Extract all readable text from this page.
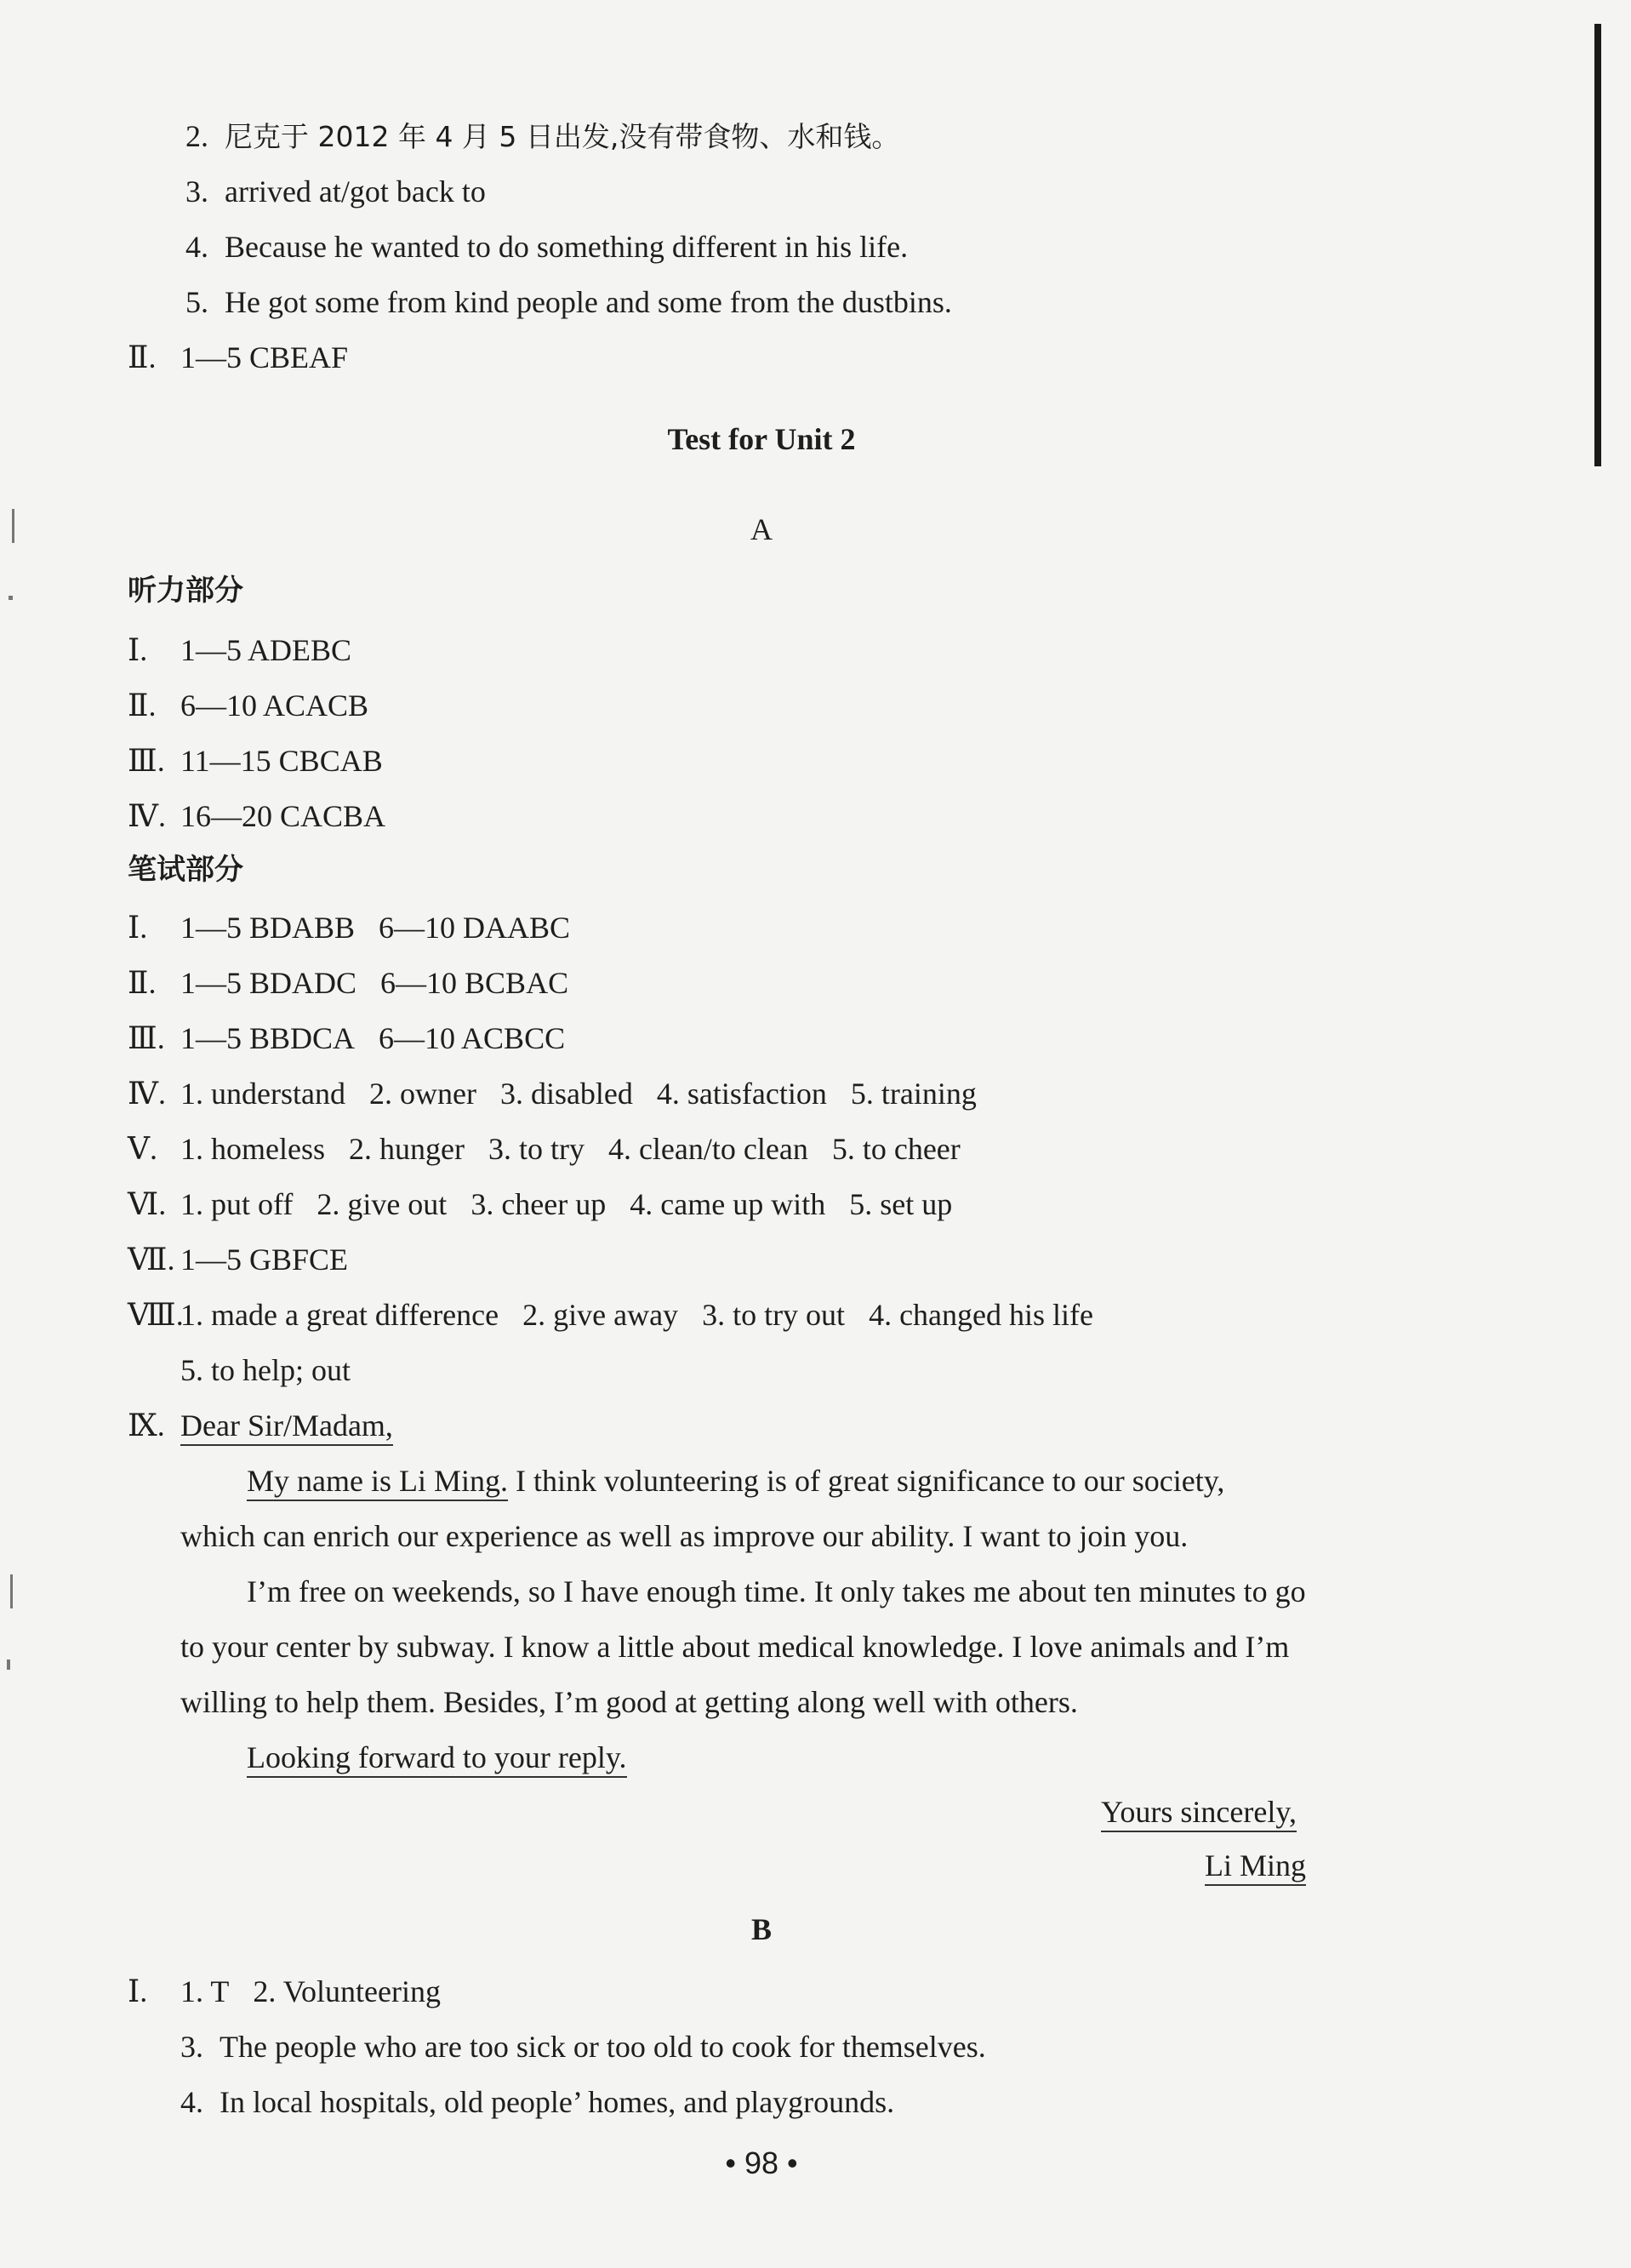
2. 尼克于 2012 年 4 月 5 日出发,没有带食物、水和钱。
3. arrived at/got back to
4. Because he wanted to do something different in his life.
5. He got some from kind people and some from the dustbins.
Ⅱ. 1—5 CBEAF
Test for Unit 2
A
听力部分
Ⅰ. 1—5 ADEBC
Ⅱ. 6—10 ACACB
Ⅲ. 11—15 CBCAB
Ⅳ. 16—20 CACBA
笔试部分
Ⅰ. 1—5 BDABB 6—10 DAABC
Ⅱ. 1—5 BDADC 6—10 BCBAC
Ⅲ. 1—5 BBDCA 6—10 ACBCC
Ⅳ. 1. understand 2. owner 3. disabled 4. satisfaction 5. training
Ⅴ. 1. homeless 2. hunger 3. to try 4. clean/to clean 5. to cheer
Ⅵ. 1. put off 2. give out 3. cheer up 4. came up with 5. set up
Ⅶ. 1—5 GBFCE
Ⅷ.1. made a great difference 2. give away 3. to try out 4. changed his life
5. to help; out
Ⅸ. Dear Sir/Madam,
My name is Li Ming. I think volunteering is of great significance to our society,
which can enrich our experience as well as improve our ability. I want to join you.
I’m free on weekends, so I have enough time. It only takes me about ten minutes to go
to your center by subway. I know a little about medical knowledge. I love animals and I’m
willing to help them. Besides, I’m good at getting along well with others.
Looking forward to your reply.
Yours sincerely,
Li Ming
B
Ⅰ. 1. T 2. Volunteering
3. The people who are too sick or too old to cook for themselves.
4. In local hospitals, old people’ homes, and playgrounds.
• 98 •
